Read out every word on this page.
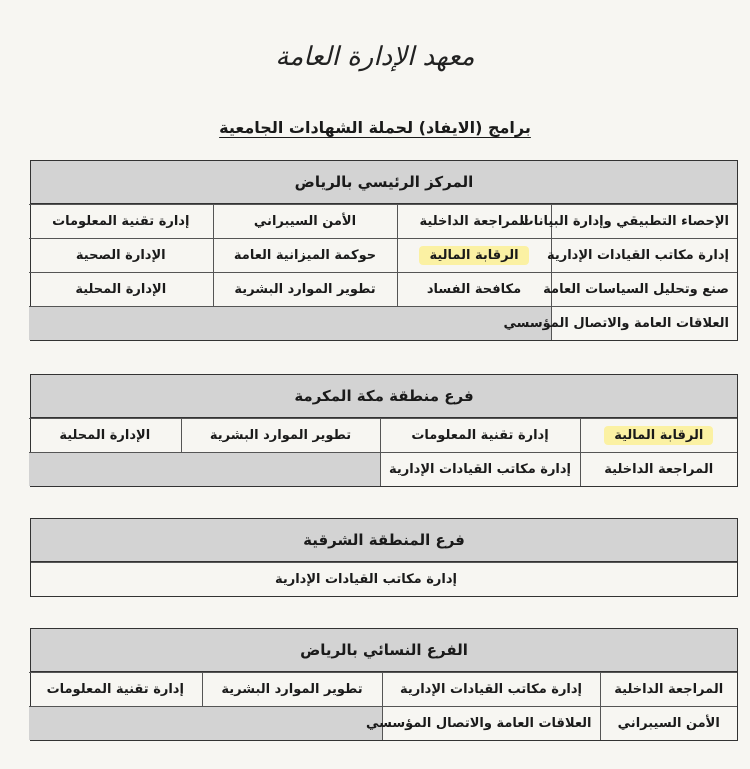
معهد الإدارة العامة
برامج (الايفاد) لحملة الشهادات الجامعية
المركز الرئيسي بالرياض
الإحصاء التطبيقي وإدارة البيانات	المراجعة الداخلية	الأمن السيبراني	إدارة تقنية المعلومات
إدارة مكاتب القيادات الإدارية	الرقابة المالية	حوكمة الميزانية العامة	الإدارة الصحية
صنع وتحليل السياسات العامة	مكافحة الفساد	تطوير الموارد البشرية	الإدارة المحلية
العلاقات العامة والاتصال المؤسسي			
فرع منطقة مكة المكرمة
الرقابة المالية	إدارة تقنية المعلومات	تطوير الموارد البشرية	الإدارة المحلية
المراجعة الداخلية	إدارة مكاتب القيادات الإدارية		
فرع المنطقة الشرقية
إدارة مكاتب القيادات الإدارية
الفرع النسائي بالرياض
المراجعة الداخلية	إدارة مكاتب القيادات الإدارية	تطوير الموارد البشرية	إدارة تقنية المعلومات
الأمن السيبراني	العلاقات العامة والاتصال المؤسسي		
